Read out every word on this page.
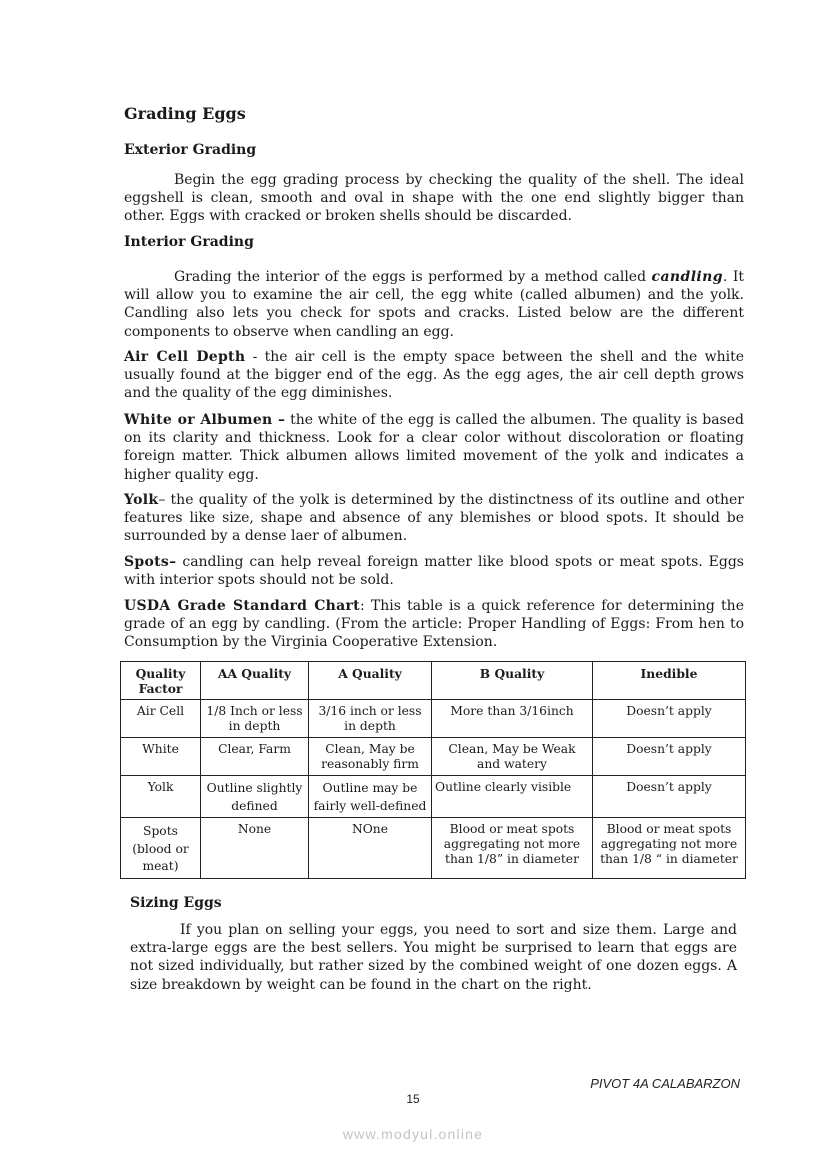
Grading Eggs
Exterior Grading

Begin the egg grading process by checking the quality of the shell. The ideal eggshell is clean, smooth and oval in shape with the one end slightly bigger than other. Eggs with cracked or broken shells should be discarded.

Interior Grading

Grading the interior of the eggs is performed by a method called candling. It will allow you to examine the air cell, the egg white (called albumen) and the yolk. Candling also lets you check for spots and cracks. Listed below are the different components to observe when candling an egg.

Air Cell Depth - the air cell is the empty space between the shell and the white usually found at the bigger end of the egg. As the egg ages, the air cell depth grows and the quality of the egg diminishes.

White or Albumen – the white of the egg is called the albumen. The quality is based on its clarity and thickness. Look for a clear color without discoloration or floating foreign matter. Thick albumen allows limited movement of the yolk and indicates a higher quality egg.

Yolk– the quality of the yolk is determined by the distinctness of its outline and other features like size, shape and absence of any blemishes or blood spots. It should be surrounded by a dense laer of albumen.

Spots– candling can help reveal foreign matter like blood spots or meat spots. Eggs with interior spots should not be sold.

USDA Grade Standard Chart: This table is a quick reference for determining the grade of an egg by candling. (From the article: Proper Handling of Eggs: From hen to Consumption by the Virginia Cooperative Extension.

Quality Factor	AA Quality	A Quality	B Quality	Inedible
Air Cell	1/8 Inch or less in depth	3/16 inch or less in depth	More than 3/16inch	Doesn’t apply
White	Clear, Farm	Clean, May be reasonably firm	Clean, May be Weak and watery	Doesn’t apply
Yolk	Outline slightly defined	Outline may be fairly well-defined	Outline clearly visible	Doesn’t apply
Spots (blood or meat)	None	NOne	Blood or meat spots aggregating not more than 1/8” in diameter	Blood or meat spots aggregating not more than 1/8 “ in diameter
Sizing Eggs

If you plan on selling your eggs, you need to sort and size them. Large and extra-large eggs are the best sellers. You might be surprised to learn that eggs are not sized individually, but rather sized by the combined weight of one dozen eggs. A size breakdown by weight can be found in the chart on the right.

PIVOT 4A CALABARZON
15
www.modyul.online
